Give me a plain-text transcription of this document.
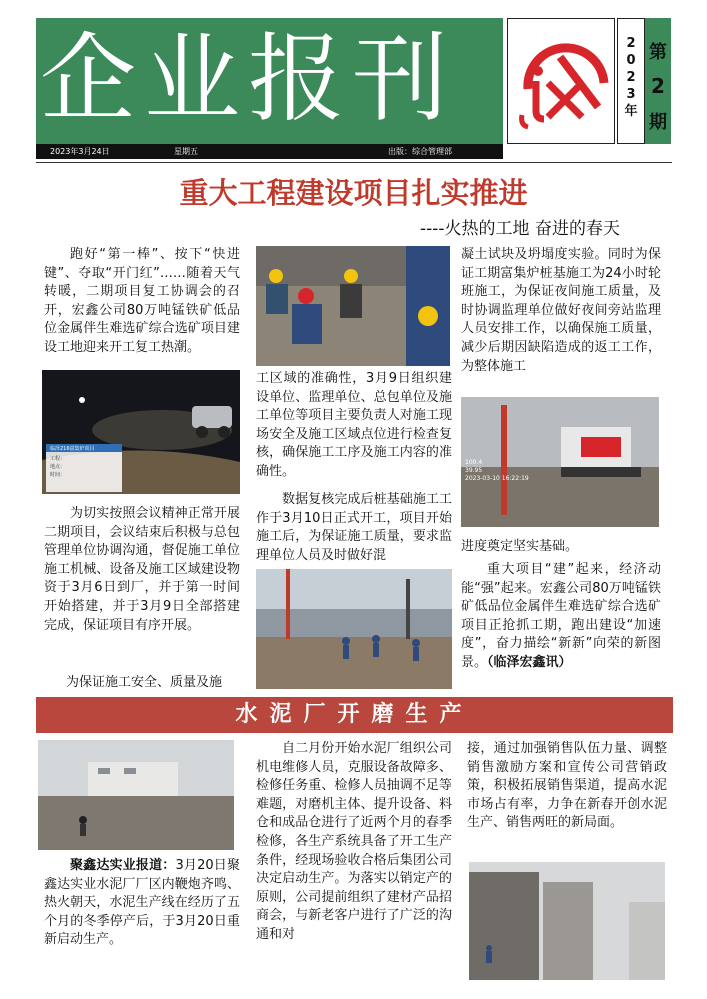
企业报刊
2023年3月24日	星期五	出版：综合管理部
2
0
2
3
年
第
2
期
重大工程建设项目扎实推进
----火热的工地 奋进的春天
跑好“第一棒”、按下“快进键”、夺取“开门红”……随着天气转暖，二期项目复工协调会的召开，宏鑫公司80万吨锰铁矿低品位金属伴生难选矿综合选矿项目建设工地迎来开工复工热潮。
临泽216富集炉项目
工程：
地点：
时间：
为切实按照会议精神正常开展二期项目，会议结束后积极与总包管理单位协调沟通，督促施工单位施工机械、设备及施工区域建设物资于3月6日到厂，并于第一时间开始搭建，并于3月9日全部搭建完成，保证项目有序开展。
为保证施工安全、质量及施
工区域的准确性，3月9日组织建设单位、监理单位、总包单位及施工单位等项目主要负责人对施工现场安全及施工区域点位进行检查复核，确保施工工序及施工内容的准确性。
数据复核完成后桩基础施工工作于3月10日正式开工，项目开始施工后，为保证施工质量，要求监理单位人员及时做好混
凝土试块及坍塌度实验。同时为保证工期富集炉桩基施工为24小时轮班施工，为保证夜间施工质量，及时协调监理单位做好夜间旁站监理人员安排工作，以确保施工质量，减少后期因缺陷造成的返工工作，为整体施工
100.4
39.95
2023-03-10 16:22:19
进度奠定坚实基础。
重大项目“建”起来，经济动能“强”起来。宏鑫公司80万吨锰铁矿低品位金属伴生难选矿综合选矿项目正抢抓工期，跑出建设“加速度”，奋力描绘“新新”向荣的新图景。（临泽宏鑫讯）
水泥厂开磨生产
聚鑫达实业报道：3月20日聚鑫达实业水泥厂厂区内鞭炮齐鸣、热火朝天，水泥生产线在经历了五个月的冬季停产后，于3月20日重新启动生产。
自二月份开始水泥厂组织公司机电维修人员，克服设备故障多、检修任务重、检修人员抽调不足等难题，对磨机主体、提升设备、料仓和成品仓进行了近两个月的春季检修，各生产系统具备了开工生产条件，经现场验收合格后集团公司决定启动生产。为落实以销定产的原则，公司提前组织了建材产品招商会，与新老客户进行了广泛的沟通和对
接，通过加强销售队伍力量、调整销售激励方案和宣传公司营销政策，积极拓展销售渠道，提高水泥市场占有率，力争在新春开创水泥生产、销售两旺的新局面。
